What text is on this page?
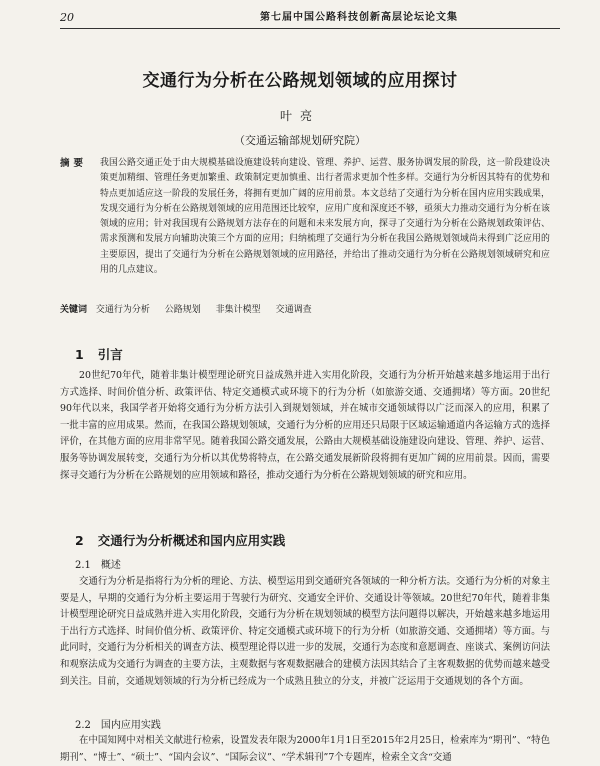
20	第七届中国公路科技创新高层论坛论文集
交通行为分析在公路规划领域的应用探讨
叶亮
（交通运输部规划研究院）
摘要 我国公路交通正处于由大规模基础设施建设转向建设、管理、养护、运营、服务协调发展的阶段，这一阶段建设决策更加精细、管理任务更加繁重、政策制定更加慎重、出行者需求更加个性多样。交通行为分析因其特有的优势和特点更加适应这一阶段的发展任务，将拥有更加广阔的应用前景。本文总结了交通行为分析在国内应用实践成果，发现交通行为分析在公路规划领域的应用范围还比较窄，应用广度和深度还不够，亟须大力推动交通行为分析在该领域的应用；针对我国现有公路规划方法存在的问题和未来发展方向，探寻了交通行为分析在公路规划政策评估、需求预测和发展方向辅助决策三个方面的应用；归纳梳理了交通行为分析在我国公路规划领域尚未得到广泛应用的主要原因，提出了交通行为分析在公路规划领域的应用路径，并给出了推动交通行为分析在公路规划领域研究和应用的几点建议。
关键词 交通行为分析 公路规划 非集计模型 交通调查
1 引言
20世纪70年代，随着非集计模型理论研究日益成熟并进入实用化阶段，交通行为分析开始越来越多地运用于出行方式选择、时间价值分析、政策评估、特定交通模式或环境下的行为分析（如旅游交通、交通拥堵）等方面。20世纪90年代以来，我国学者开始将交通行为分析方法引入到规划领域，并在城市交通领域得以广泛而深入的应用，积累了一批丰富的应用成果。然而，在我国公路规划领域，交通行为分析的应用还只局限于区域运输通道内各运输方式的选择评价，在其他方面的应用非常罕见。随着我国公路交通发展，公路由大规模基础设施建设向建设、管理、养护、运营、服务等协调发展转变，交通行为分析以其优势将特点，在公路交通发展新阶段将拥有更加广阔的应用前景。因而，需要探寻交通行为分析在公路规划的应用领域和路径，推动交通行为分析在公路规划领域的研究和应用。
2 交通行为分析概述和国内应用实践
2.1 概述
交通行为分析是指将行为分析的理论、方法、模型运用到交通研究各领域的一种分析方法。交通行为分析的对象主要是人，早期的交通行为分析主要运用于驾驶行为研究、交通安全评价、交通设计等领域。20世纪70年代，随着非集计模型理论研究日益成熟并进入实用化阶段，交通行为分析在规划领域的模型方法问题得以解决，开始越来越多地运用于出行方式选择、时间价值分析、政策评价、特定交通模式或环境下的行为分析（如旅游交通、交通拥堵）等方面。与此同时，交通行为分析相关的调查方法、模型理论得以进一步的发展，交通行为态度和意愿调查、座谈式、案例访问法和观察法成为交通行为调查的主要方法，主观数据与客观数据融合的建模方法因其结合了主客观数据的优势而越来越受到关注。目前，交通规划领域的行为分析已经成为一个成熟且独立的分支，并被广泛运用于交通规划的各个方面。
2.2 国内应用实践
在中国知网中对相关文献进行检索，设置发表年限为2000年1月1日至2015年2月25日，检索库为“期刊”、“特色期刊”、“博士”、“硕士”、“国内会议”、“国际会议”、“学术辑刊”7个专题库，检索全文含“交通
